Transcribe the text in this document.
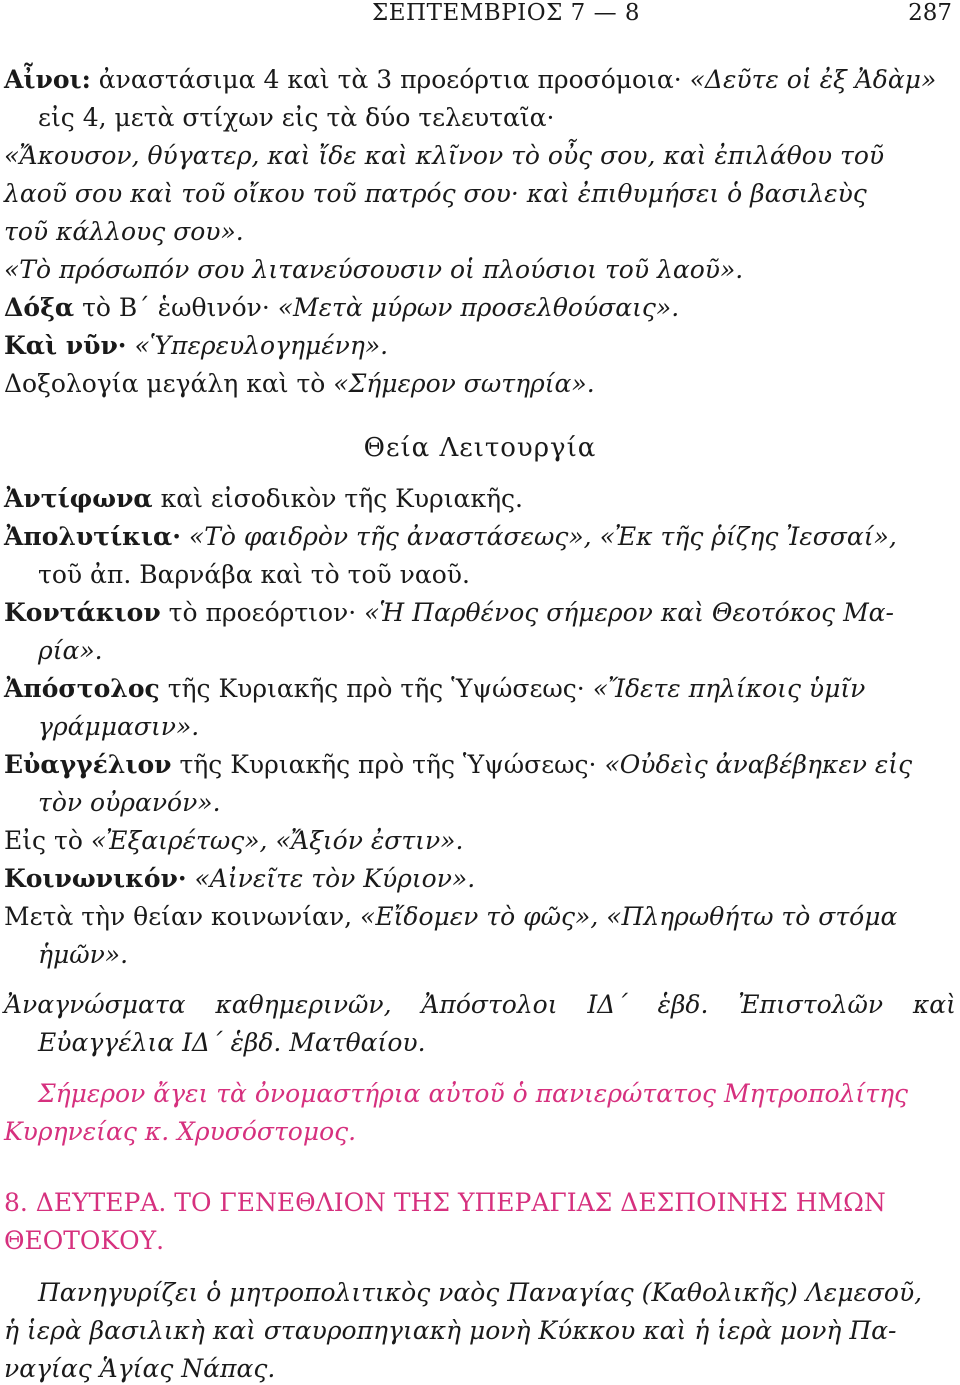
ΣΕΠΤΕΜΒΡΙΟΣ 7 — 8	287
Αἶνοι: ἀναστάσιμα 4 καὶ τὰ 3 προεόρτια προσόμοια· «Δεῦτε οἱ ἐξ Ἀδὰμ»
εἰς 4, μετὰ στίχων εἰς τὰ δύο τελευταῖα·
«Ἄκουσον, θύγατερ, καὶ ἴδε καὶ κλῖνον τὸ οὖς σου, καὶ ἐπιλάθου τοῦ
λαοῦ σου καὶ τοῦ οἴκου τοῦ πατρός σου· καὶ ἐπιθυμήσει ὁ βασιλεὺς
τοῦ κάλλους σου».
«Τὸ πρόσωπόν σου λιτανεύσουσιν οἱ πλούσιοι τοῦ λαοῦ».
Δόξα τὸ Β΄ ἑωθινόν· «Μετὰ μύρων προσελθούσαις».
Καὶ νῦν· «Ὑπερευλογημένη».
Δοξολογία μεγάλη καὶ τὸ «Σήμερον σωτηρία».
Θεία Λειτουργία
Ἀντίφωνα καὶ εἰσοδικὸν τῆς Κυριακῆς.
Ἀπολυτίκια· «Τὸ φαιδρὸν τῆς ἀναστάσεως», «Ἐκ τῆς ῥίζης Ἰεσσαί»,
τοῦ ἀπ. Βαρνάβα καὶ τὸ τοῦ ναοῦ.
Κοντάκιον τὸ προεόρτιον· «Ἡ Παρθένος σήμερον καὶ Θεοτόκος Μα-
ρία».
Ἀπόστολος τῆς Κυριακῆς πρὸ τῆς Ὑψώσεως· «Ἴδετε πηλίκοις ὑμῖν
γράμμασιν».
Εὐαγγέλιον τῆς Κυριακῆς πρὸ τῆς Ὑψώσεως· «Οὐδεὶς ἀναβέβηκεν εἰς
τὸν οὐρανόν».
Εἰς τὸ «Ἐξαιρέτως», «Ἄξιόν ἐστιν».
Κοινωνικόν· «Αἰνεῖτε τὸν Κύριον».
Μετὰ τὴν θείαν κοινωνίαν, «Εἴδομεν τὸ φῶς», «Πληρωθήτω τὸ στόμα
ἡμῶν».
Ἀναγνώσματα καθημερινῶν, Ἀπόστολοι ΙΔ΄ ἑβδ. Ἐπιστολῶν καὶ
Εὐαγγέλια ΙΔ΄ ἑβδ. Ματθαίου.
Σήμερον ἄγει τὰ ὀνομαστήρια αὐτοῦ ὁ πανιερώτατος Μητροπολίτης
Κυρηνείας κ. Χρυσόστομος.
8. ΔΕΥΤΕΡΑ. ΤΟ ΓΕΝΕΘΛΙΟΝ ΤΗΣ ΥΠΕΡΑΓΙΑΣ ΔΕΣΠΟΙΝΗΣ ΗΜΩΝ
ΘΕΟΤΟΚΟΥ.
Πανηγυρίζει ὁ μητροπολιτικὸς ναὸς Παναγίας (Καθολικῆς) Λεμεσοῦ,
ἡ ἱερὰ βασιλικὴ καὶ σταυροπηγιακὴ μονὴ Κύκκου καὶ ἡ ἱερὰ μονὴ Πα-
ναγίας Ἁγίας Νάπας.
